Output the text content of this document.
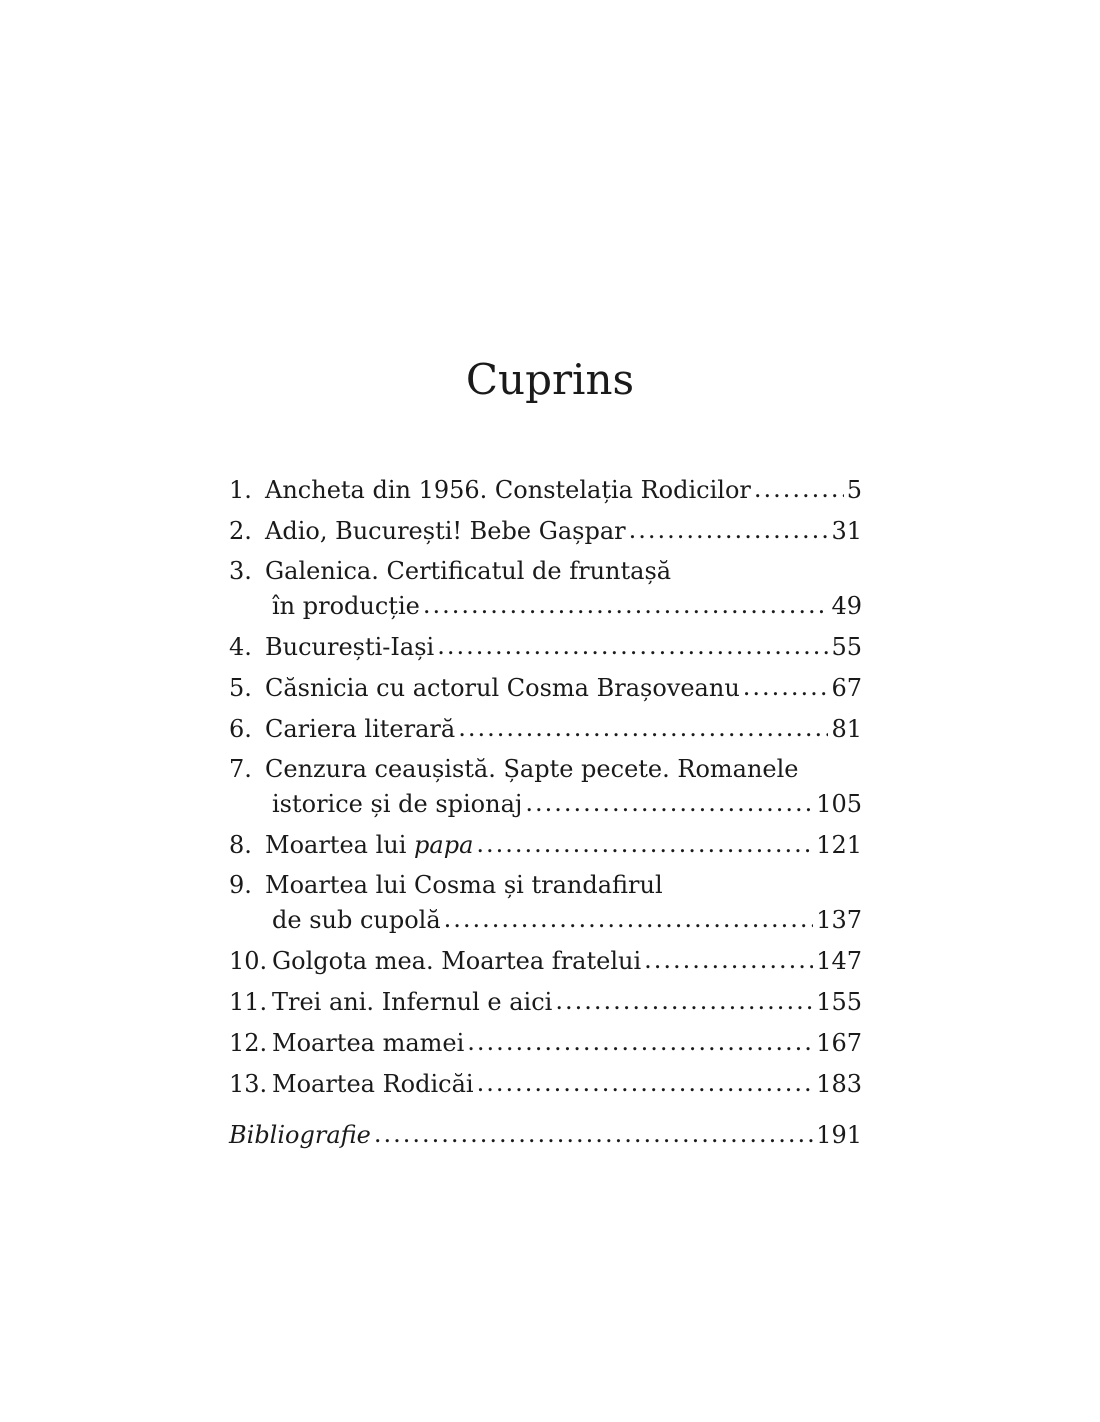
Cuprins
1. Ancheta din 1956. Constelația Rodicilor .....	5
2. Adio, București! Bebe Gașpar .....	31
3. Galenica. Certificatul de fruntașă
în producție .....	49
4. București-Iași .....	55
5. Căsnicia cu actorul Cosma Brașoveanu .....	67
6. Cariera literară .....	81
7. Cenzura ceaușistă. Șapte pecete. Romanele
istorice și de spionaj .....	105
8. Moartea lui papa .....	121
9. Moartea lui Cosma și trandafirul
de sub cupolă .....	137
10. Golgota mea. Moartea fratelui .....	147
11. Trei ani. Infernul e aici .....	155
12. Moartea mamei .....	167
13. Moartea Rodicăi .....	183
Bibliografie .....	191
